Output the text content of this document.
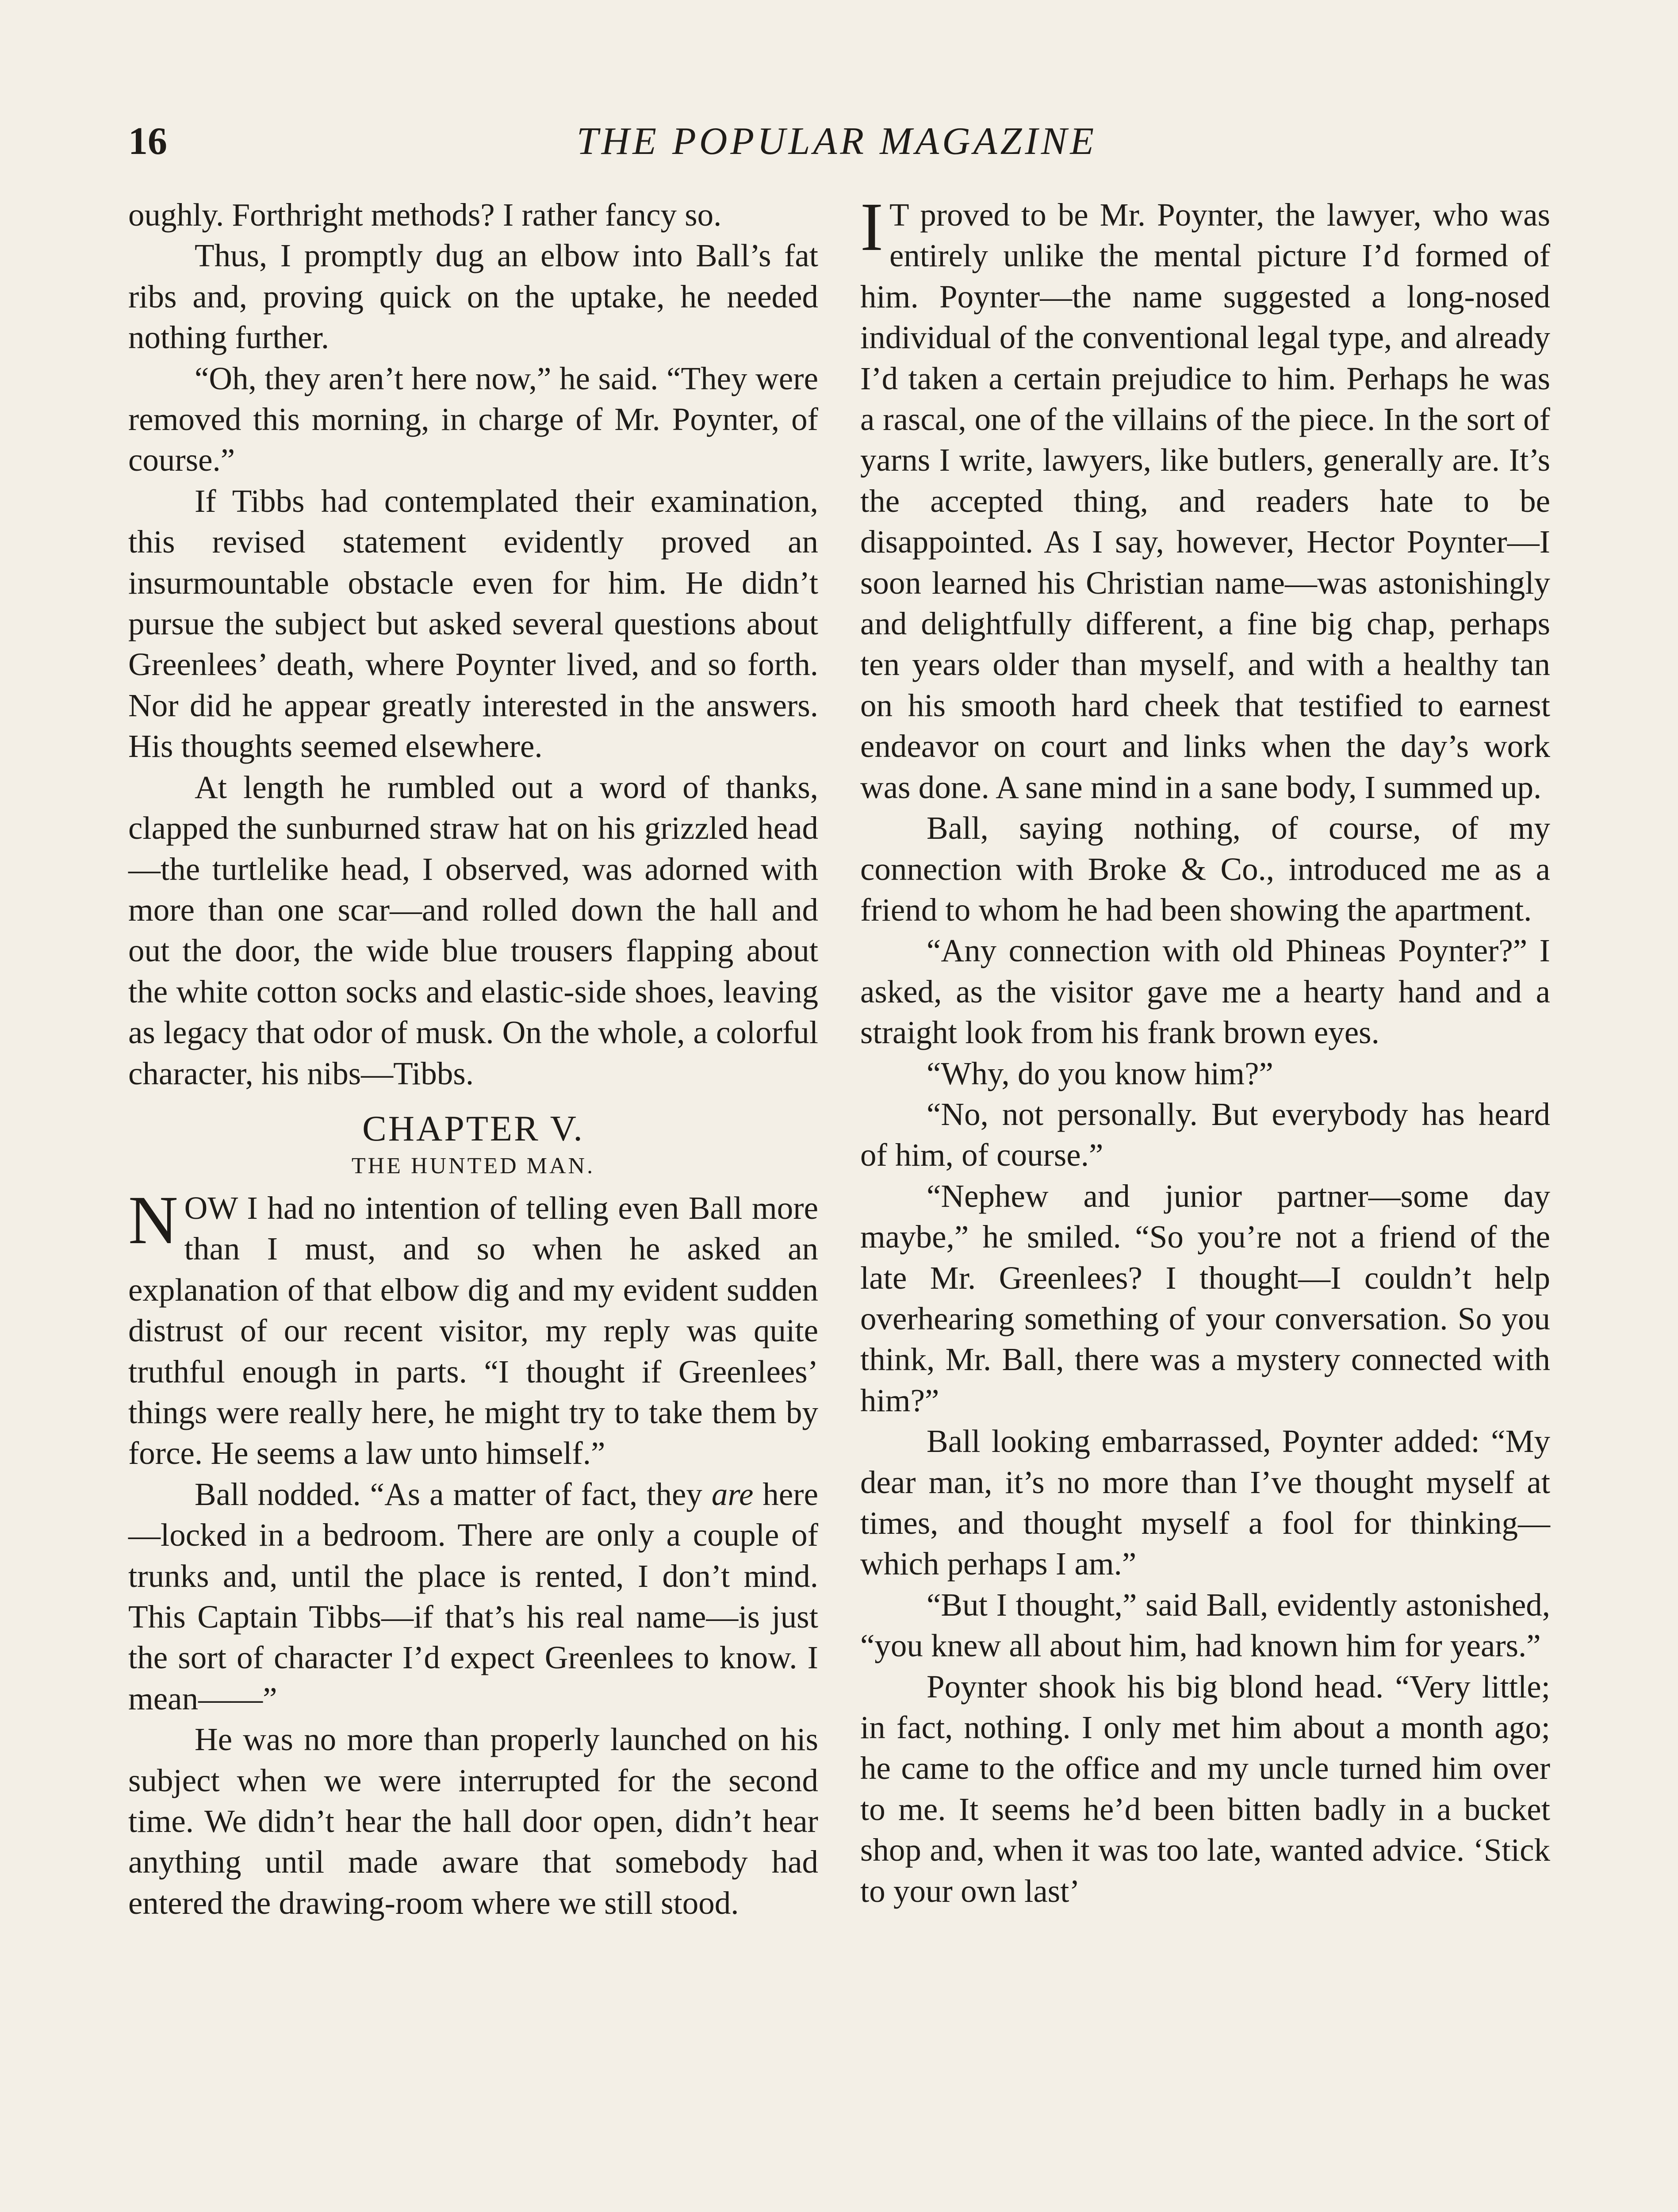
16	THE POPULAR MAGAZINE

oughly. Forthright methods? I rather fancy so.

Thus, I promptly dug an elbow into Ball’s fat ribs and, proving quick on the uptake, he needed nothing further.

“Oh, they aren’t here now,” he said. “They were removed this morning, in charge of Mr. Poynter, of course.”

If Tibbs had contemplated their examination, this revised statement evidently proved an insurmountable obstacle even for him. He didn’t pursue the subject but asked several questions about Greenlees’ death, where Poynter lived, and so forth. Nor did he appear greatly interested in the answers. His thoughts seemed elsewhere.

At length he rumbled out a word of thanks, clapped the sunburned straw hat on his grizzled head—the turtlelike head, I observed, was adorned with more than one scar—and rolled down the hall and out the door, the wide blue trousers flapping about the white cotton socks and elastic-side shoes, leaving as legacy that odor of musk. On the whole, a colorful character, his nibs—Tibbs.

CHAPTER V.
THE HUNTED MAN.

NOW I had no intention of telling even Ball more than I must, and so when he asked an explanation of that elbow dig and my evident sudden distrust of our recent visitor, my reply was quite truthful enough in parts. “I thought if Greenlees’ things were really here, he might try to take them by force. He seems a law unto himself.”

Ball nodded. “As a matter of fact, they are here—locked in a bedroom. There are only a couple of trunks and, until the place is rented, I don’t mind. This Captain Tibbs—if that’s his real name—is just the sort of character I’d expect Greenlees to know. I mean——”

He was no more than properly launched on his subject when we were interrupted for the second time. We didn’t hear the hall door open, didn’t hear anything until made aware that somebody had entered the drawing-room where we still stood.

I T proved to be Mr. Poynter, the lawyer, who was entirely unlike the mental picture I’d formed of him. Poynter—the name suggested a long-nosed individual of the conventional legal type, and already I’d taken a certain prejudice to him. Perhaps he was a rascal, one of the villains of the piece. In the sort of yarns I write, lawyers, like butlers, generally are. It’s the accepted thing, and readers hate to be disappointed. As I say, however, Hector Poynter—I soon learned his Christian name—was astonishingly and delightfully different, a fine big chap, perhaps ten years older than myself, and with a healthy tan on his smooth hard cheek that testified to earnest endeavor on court and links when the day’s work was done. A sane mind in a sane body, I summed up.

Ball, saying nothing, of course, of my connection with Broke & Co., introduced me as a friend to whom he had been showing the apartment.

“Any connection with old Phineas Poynter?” I asked, as the visitor gave me a hearty hand and a straight look from his frank brown eyes.

“Why, do you know him?”

“No, not personally. But everybody has heard of him, of course.”

“Nephew and junior partner—some day maybe,” he smiled. “So you’re not a friend of the late Mr. Greenlees? I thought—I couldn’t help overhearing something of your conversation. So you think, Mr. Ball, there was a mystery connected with him?”

Ball looking embarrassed, Poynter added: “My dear man, it’s no more than I’ve thought myself at times, and thought myself a fool for thinking—which perhaps I am.”

“But I thought,” said Ball, evidently astonished, “you knew all about him, had known him for years.”

Poynter shook his big blond head. “Very little; in fact, nothing. I only met him about a month ago; he came to the office and my uncle turned him over to me. It seems he’d been bitten badly in a bucket shop and, when it was too late, wanted advice. ‘Stick to your own last’
